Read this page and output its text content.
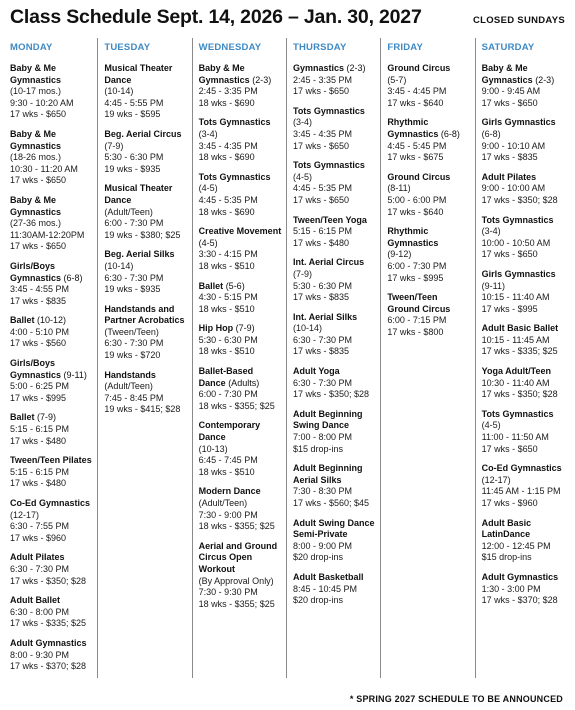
Class Schedule Sept. 14, 2026 – Jan. 30, 2027	CLOSED SUNDAYS
MONDAY
Baby & Me Gymnastics
(10-17 mos.)
9:30 - 10:20 AM
17 wks - $650
Baby & Me Gymnastics
(18-26 mos.)
10:30 - 11:20 AM
17 wks - $650
Baby & Me Gymnastics
(27-36 mos.)
11:30AM-12:20PM
17 wks - $650
Girls/Boys Gymnastics (6-8)
3:45 - 4:55 PM
17 wks - $835
Ballet (10-12)
4:00 - 5:10 PM
17 wks - $560
Girls/Boys Gymnastics (9-11)
5:00 - 6:25 PM
17 wks - $995
Ballet (7-9)
5:15 - 6:15 PM
17 wks - $480
Tween/Teen Pilates
5:15 - 6:15 PM
17 wks - $480
Co-Ed Gymnastics
(12-17)
6:30 - 7:55 PM
17 wks - $960
Adult Pilates
6:30 - 7:30 PM
17 wks - $350; $28
Adult Ballet
6:30 - 8:00 PM
17 wks - $335; $25
Adult Gymnastics
8:00 - 9:30 PM
17 wks - $370; $28
TUESDAY
Musical Theater Dance
(10-14)
4:45 - 5:55 PM
19 wks - $595
Beg. Aerial Circus
(7-9)
5:30 - 6:30 PM
19 wks - $935
Musical Theater Dance
(Adult/Teen)
6:00 - 7:30 PM
19 wks - $380; $25
Beg. Aerial Silks
(10-14)
6:30 - 7:30 PM
19 wks - $935
Handstands and Partner Acrobatics
(Tween/Teen)
6:30 - 7:30 PM
19 wks - $720
Handstands
(Adult/Teen)
7:45 - 8:45 PM
19 wks - $415; $28
WEDNESDAY
Baby & Me Gymnastics (2-3)
2:45 - 3:35 PM
18 wks - $690
Tots Gymnastics
(3-4)
3:45 - 4:35 PM
18 wks - $690
Tots Gymnastics
(4-5)
4:45 - 5:35 PM
18 wks - $690
Creative Movement (4-5)
3:30 - 4:15 PM
18 wks - $510
Ballet (5-6)
4:30 - 5:15 PM
18 wks - $510
Hip Hop (7-9)
5:30 - 6:30 PM
18 wks - $510
Ballet-Based Dance (Adults)
6:00 - 7:30 PM
18 wks - $355; $25
Contemporary Dance
(10-13)
6:45 - 7:45 PM
18 wks - $510
Modern Dance
(Adult/Teen)
7:30 - 9:00 PM
18 wks - $355; $25
Aerial and Ground Circus Open Workout
(By Approval Only)
7:30 - 9:30 PM
18 wks - $355; $25
THURSDAY
Gymnastics (2-3)
2:45 - 3:35 PM
17 wks - $650
Tots Gymnastics
(3-4)
3:45 - 4:35 PM
17 wks - $650
Tots Gymnastics
(4-5)
4:45 - 5:35 PM
17 wks - $650
Tween/Teen Yoga
5:15 - 6:15 PM
17 wks - $480
Int. Aerial Circus
(7-9)
5:30 - 6:30 PM
17 wks - $835
Int. Aerial Silks
(10-14)
6:30 - 7:30 PM
17 wks - $835
Adult Yoga
6:30 - 7:30 PM
17 wks - $350; $28
Adult Beginning Swing Dance
7:00 - 8:00 PM
$15 drop-ins
Adult Beginning Aerial Silks
7:30 - 8:30 PM
17 wks - $560; $45
Adult Swing Dance Semi-Private
8:00 - 9:00 PM
$20 drop-ins
Adult Basketball
8:45 - 10:45 PM
$20 drop-ins
FRIDAY
Ground Circus
(5-7)
3:45 - 4:45 PM
17 wks - $640
Rhythmic Gymnastics (6-8)
4:45 - 5:45 PM
17 wks - $675
Ground Circus
(8-11)
5:00 - 6:00 PM
17 wks - $640
Rhythmic Gymnastics
(9-12)
6:00 - 7:30 PM
17 wks - $995
Tween/Teen Ground Circus
6:00 - 7:15 PM
17 wks - $800
SATURDAY
Baby & Me Gymnastics (2-3)
9:00 - 9:45 AM
17 wks - $650
Girls Gymnastics
(6-8)
9:00 - 10:10 AM
17 wks - $835
Adult Pilates
9:00 - 10:00 AM
17 wks - $350; $28
Tots Gymnastics
(3-4)
10:00 - 10:50 AM
17 wks - $650
Girls Gymnastics
(9-11)
10:15 - 11:40 AM
17 wks - $995
Adult Basic Ballet
10:15 - 11:45 AM
17 wks - $335; $25
Yoga Adult/Teen
10:30 - 11:40 AM
17 wks - $350; $28
Tots Gymnastics
(4-5)
11:00 - 11:50 AM
17 wks - $650
Co-Ed Gymnastics
(12-17)
11:45 AM - 1:15 PM
17 wks - $960
Adult Basic LatinDance
12:00 - 12:45 PM
$15 drop-ins
Adult Gymnastics
1:30 - 3:00 PM
17 wks - $370; $28
* SPRING 2027 SCHEDULE TO BE ANNOUNCED
